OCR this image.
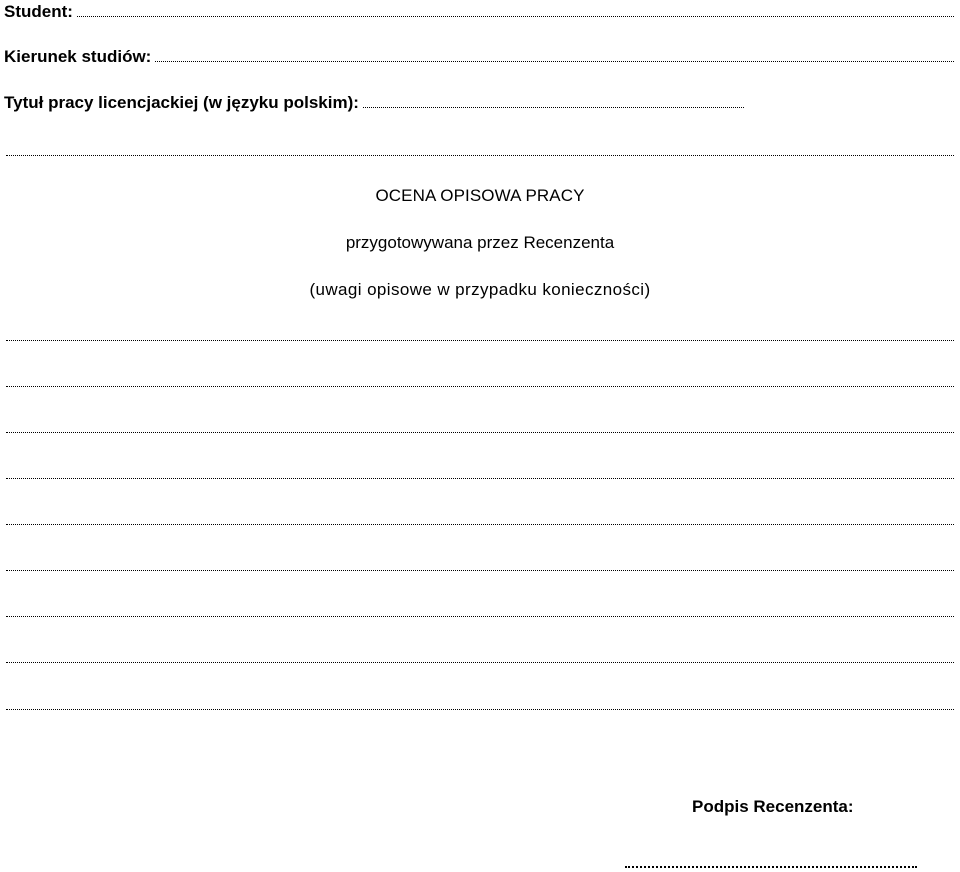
Student:
Kierunek studiów:
Tytuł pracy licencjackiej (w języku polskim):
OCENA OPISOWA PRACY
przygotowywana przez Recenzenta
(uwagi opisowe w przypadku konieczności)
Podpis Recenzenta:
